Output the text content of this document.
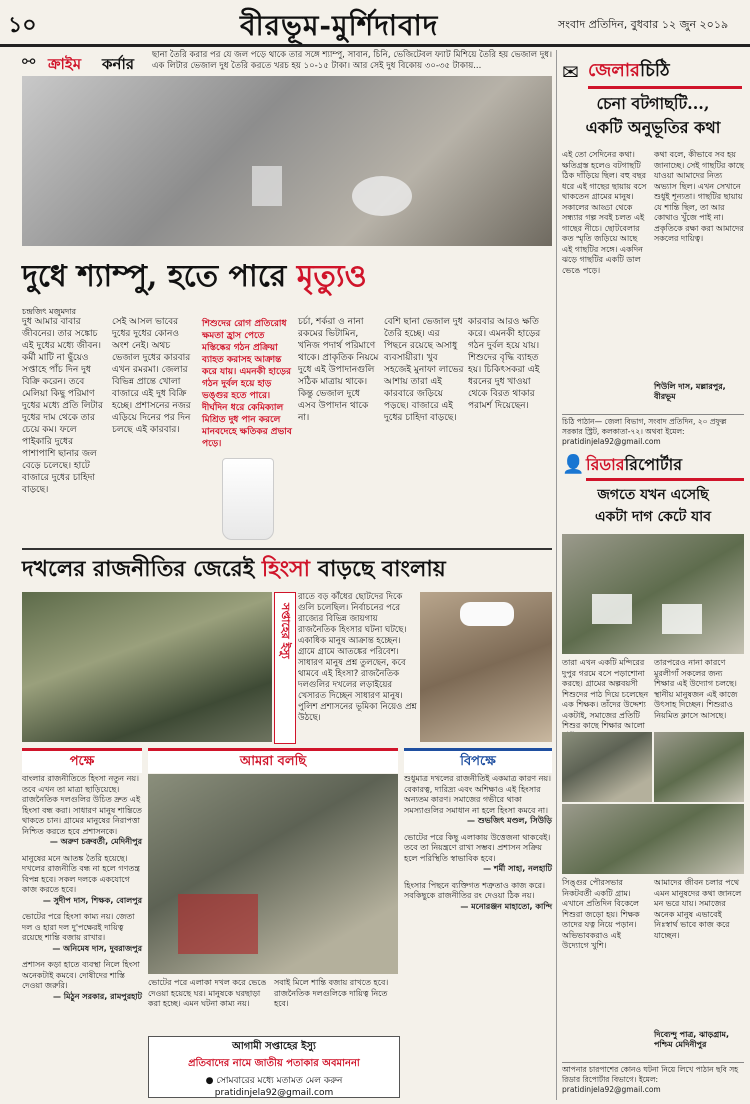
১০	বীরভূম-মুর্শিদাবাদ	সংবাদ প্রতিদিন, বুধবার ১২ জুন ২০১৯
⚯ ক্রাইম কর্নার ছানা তৈরি করার পর যে জল পড়ে থাকে তার সঙ্গে শ্যাম্পু, সাবান, চিনি, ভেজিটেবল ফ্যাট মিশিয়ে তৈরি হয় ভেজাল দুধ। এক লিটার ভেজাল দুধ তৈরি করতে খরচ হয় ১০-১৫ টাকা। আর সেই দুধ বিকোয় ৩০-৩৫ টাকায়...
দুধে শ্যাম্পু, হতে পারে মৃত্যুও
চন্দ্রজিৎ মজুমদার
দুধ আমার বাবার জীবনের। তার সঙ্কোচ এই দুধের মধ্যে জীবন। কর্মী মাটি না ছুঁয়েও সপ্তাহে পাঁচ দিন দুধ বিক্রি করেন। তবে মেলিয়া কিছু পরিমাণ দুধের মধ্যে প্রতি লিটার দুধের দাম থেকে তার চেয়ে কম। ফলে পাইকারি দুধের পাশাপাশি ছানার জল বেড়ে চলেছে। হাটে বাজারে দুধের চাহিদা বাড়ছে।
সেই আসল ভাবের দুধের দুধের কোনও অংশ নেই। অথচ ভেজাল দুধের কারবার এখন রমরমা। জেলার বিভিন্ন প্রান্তে খোলা বাজারে এই দুধ বিক্রি হচ্ছে। প্রশাসনের নজর এড়িয়ে দিনের পর দিন চলছে এই কারবার।
শিশুদের রোগ প্রতিরোধ ক্ষমতা হ্রাস পেতে মস্তিষ্কের গঠন প্রক্রিয়া ব্যাহত করাসহ আক্রান্ত করে যায়। এমনকী হাড়ের গঠন দুর্বল হয়ে হাড় ভঙ্গুর হতে পারে। দীর্ঘদিন ধরে কেমিক্যাল মিশ্রিত দুধ পান করলে মানবদেহে ক্ষতিকর প্রভাব পড়ে।
চর্চা, শর্করা ও নানা রকমের ভিটামিন, খনিজ পদার্থ পরিমাণে থাকে। প্রাকৃতিক নিয়মে দুধে এই উপাদানগুলি সঠিক মাত্রায় থাকে। কিন্তু ভেজাল দুধে এসব উপাদান থাকে না।
বেশি ছানা ভেজাল দুধ তৈরি হচ্ছে। এর পিছনে রয়েছে অসাধু ব্যবসায়ীরা। খুব সহজেই মুনাফা লাভের আশায় তারা এই কারবারে জড়িয়ে পড়ছে। বাজারে এই দুধের চাহিদা বাড়ছে।
কারবার আরও ক্ষতি করে। এমনকী হাড়ের গঠন দুর্বল হয়ে যায়। শিশুদের বৃদ্ধি ব্যাহত হয়। চিকিৎসকরা এই ধরনের দুধ খাওয়া থেকে বিরত থাকার পরামর্শ দিয়েছেন।
দখলের রাজনীতির জেরেই হিংসা বাড়ছে বাংলায়
সপ্তাহের ইস্যু
রাতে বড় কাঁধের ছোটদের দিকে গুলি চলেছিল। নির্বাচনের পরে রাজ্যের বিভিন্ন জায়গায় রাজনৈতিক হিংসার ঘটনা ঘটছে। একাধিক মানুষ আক্রান্ত হচ্ছেন। গ্রামে গ্রামে আতঙ্কের পরিবেশ। সাধারণ মানুষ প্রশ্ন তুলছেন, কবে থামবে এই হিংসা? রাজনৈতিক দলগুলির দখলের লড়াইয়ের খেসারত দিচ্ছেন সাধারণ মানুষ। পুলিশ প্রশাসনের ভূমিকা নিয়েও প্রশ্ন উঠছে।
পক্ষে	আমরা বলছি	বিপক্ষে
বাংলার রাজনীতিতে হিংসা নতুন নয়। তবে এখন তা মাত্রা ছাড়িয়েছে। রাজনৈতিক দলগুলির উচিত দ্রুত এই হিংসা বন্ধ করা। সাধারণ মানুষ শান্তিতে থাকতে চান। গ্রামের মানুষের নিরাপত্তা নিশ্চিত করতে হবে প্রশাসনকে।
— অরুণ চক্রবর্তী, মেদিনীপুর
মানুষের মনে আতঙ্ক তৈরি হয়েছে। দখলের রাজনীতি বন্ধ না হলে গণতন্ত্র বিপন্ন হবে। সকল দলকে একযোগে কাজ করতে হবে।
— সুদীপ দাস, শিক্ষক, বোলপুর
ভোটের পরে হিংসা কাম্য নয়। জেতা দল ও হারা দল দু'পক্ষেরই দায়িত্ব রয়েছে শান্তি বজায় রাখার।
— অনিমেষ দাস, দুবরাজপুর
প্রশাসন কড়া হাতে ব্যবস্থা নিলে হিংসা অনেকটাই কমবে। দোষীদের শাস্তি দেওয়া জরুরি।
— মিঠুন সরকার, রামপুরহাট
ভোটের পরে এলাকা দখল করে ভেঙে দেওয়া হয়েছে ঘর। মানুষকে ঘরছাড়া করা হচ্ছে। এমন ঘটনা কাম্য নয়।
সবাই মিলে শান্তি বজায় রাখতে হবে। রাজনৈতিক দলগুলিকে দায়িত্ব নিতে হবে।
আগামী সপ্তাহের ইস্যু
প্রতিবাদের নামে জাতীয় পতাকার অবমাননা
● সোমবারের মধ্যে মতামত মেল করুন
pratidinjela92@gmail.com
শুধুমাত্র দখলের রাজনীতিই একমাত্র কারণ নয়। বেকারত্ব, দারিদ্র্য এবং অশিক্ষাও এই হিংসার অন্যতম কারণ। সমাজের গভীরে থাকা সমস্যাগুলির সমাধান না হলে হিংসা কমবে না।
— শুভজিৎ মণ্ডল, সিউড়ি
ভোটের পরে কিছু এলাকায় উত্তেজনা থাকবেই। তবে তা নিয়ন্ত্রণে রাখা সম্ভব। প্রশাসন সক্রিয় হলে পরিস্থিতি স্বাভাবিক হবে।
— শর্মী সাহা, নলহাটি
হিংসার পিছনে ব্যক্তিগত শত্রুতাও কাজ করে। সবকিছুকে রাজনীতির রং দেওয়া ঠিক নয়।
— মনোরঞ্জন মাহাতো, কান্দি
✉ জেলারচিঠি
চেনা বটগাছটি...,
একটি অনুভূতির কথা
এই তো সেদিনের কথা। ক্ষতিগ্রস্ত হলেও বটগাছটি ঠিক দাঁড়িয়ে ছিল। বহু বছর ধরে এই গাছের ছায়ায় বসে থাকতেন গ্রামের মানুষ। সকালের আড্ডা থেকে সন্ধ্যার গল্প সবই চলত এই গাছের নীচে। ছোটবেলার কত স্মৃতি জড়িয়ে আছে এই গাছটির সঙ্গে। একদিন ঝড়ে গাছটির একটি ডাল ভেঙে পড়ে।
কথা বলে, কীভাবে সব হয় জানাচ্ছে। সেই গাছটির কাছে যাওয়া আমাদের নিত্য অভ্যাস ছিল। এখন সেখানে শুধুই শূন্যতা। গাছটির ছায়ায় যে শান্তি ছিল, তা আর কোথাও খুঁজে পাই না। প্রকৃতিকে রক্ষা করা আমাদের সকলের দায়িত্ব।
শিউলি দাস, মল্লারপুর, বীরভূম
চিঠি পাঠান— জেলা বিভাগ, সংবাদ প্রতিদিন, ২০ প্রফুল্ল সরকার স্ট্রিট, কলকাতা-৭২। অথবা ইমেল: pratidinjela92@gmail.com
👤 রিডাররিপোর্টার
জগতে যখন এসেছি
একটা দাগ কেটে যাব
তারা এখন একটি মন্দিরের দুপুর গরমে বসে পড়াশোনা করছে। গ্রামের অল্পবয়সী শিশুদের পাঠ দিয়ে চলেছেন এক শিক্ষক। তাঁদের উদ্দেশ্য একটাই, সমাজের প্রতিটি শিশুর কাছে শিক্ষার আলো
তারপরেও নানা কারণে মুরলীগাঁ সকলের জন্য শিক্ষার এই উদ্যোগ চলছে। স্থানীয় মানুষজন এই কাজে উৎসাহ দিচ্ছেন। শিশুরাও নিয়মিত ক্লাসে আসছে।
সিঙ্গুর পৌরসভার নিকটবর্তী একটি গ্রাম। এখানে প্রতিদিন বিকেলে শিশুরা জড়ো হয়। শিক্ষক তাদের যত্ন নিয়ে পড়ান। অভিভাবকরাও এই উদ্যোগে খুশি।
আমাদের জীবন চলার পথে এমন মানুষদের কথা জানলে মন ভরে যায়। সমাজের অনেক মানুষ এভাবেই নিঃস্বার্থ ভাবে কাজ করে যাচ্ছেন।
দিব্যেন্দু পাত্র, ঝাড়গ্রাম, পশ্চিম মেদিনীপুর
আপনার চারপাশের কোনও ঘটনা নিয়ে লিখে পাঠান ছবি সহ রিডার রিপোর্টার বিভাগে। ইমেল: pratidinjela92@gmail.com
